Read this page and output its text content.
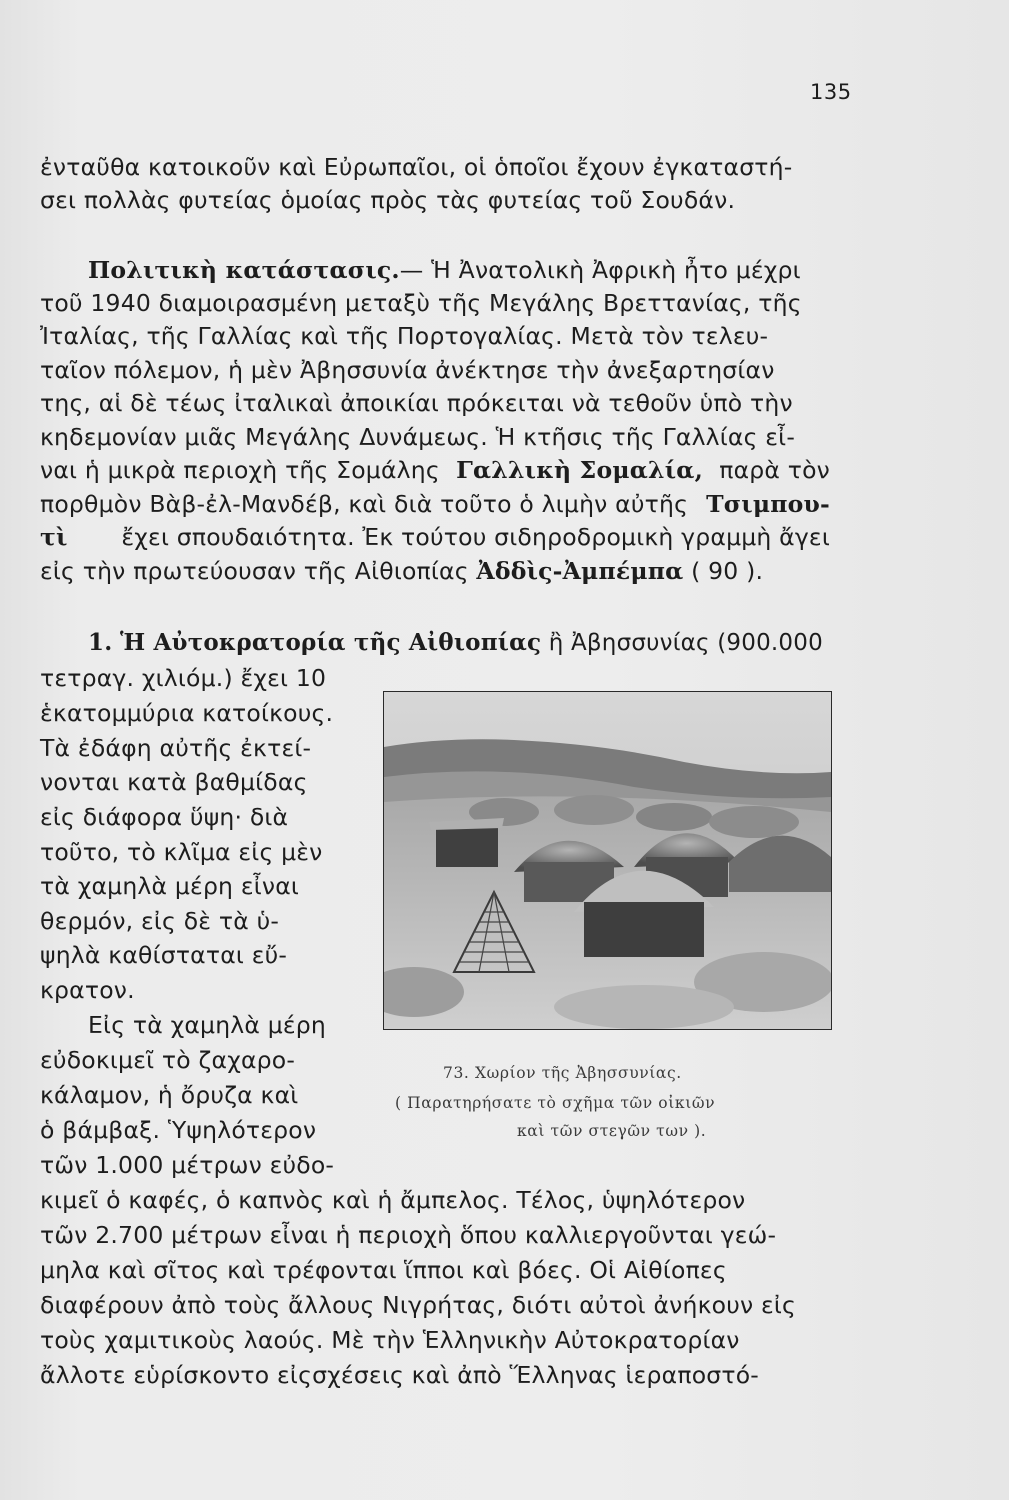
135
ἐνταῦθα κατοικοῦν καὶ Εὐρωπαῖοι, οἱ ὁποῖοι ἔχουν ἐγκαταστή-
σει πολλὰς φυτείας ὁμοίας πρὸς τὰς φυτείας τοῦ Σουδάν.
Πολιτικὴ κατάστασις.— Ἡ Ἀνατολικὴ Ἀφρικὴ ἦτο μέχρι
τοῦ 1940 διαμοιρασμένη μεταξὺ τῆς Μεγάλης Βρεττανίας, τῆς
Ἰταλίας, τῆς Γαλλίας καὶ τῆς Πορτογαλίας. Μετὰ τὸν τελευ-
ταῖον πόλεμον, ἡ μὲν Ἀβησσυνία ἀνέκτησε τὴν ἀνεξαρτησίαν
της, αἱ δὲ τέως ἰταλικαὶ ἀποικίαι πρόκειται νὰ τεθοῦν ὑπὸ τὴν
κηδεμονίαν μιᾶς Μεγάλης Δυνάμεως. Ἡ κτῆσις τῆς Γαλλίας εἶ-
ναι ἡ μικρὰ περιοχὴ τῆς Σομάλης Γαλλικὴ Σομαλία, παρὰ τὸν
πορθμὸν Βὰβ-ἐλ-Μανδέβ, καὶ διὰ τοῦτο ὁ λιμὴν αὐτῆς Τσιμπου-
τὶ ἔχει σπουδαιότητα. Ἐκ τούτου σιδηροδρομικὴ γραμμὴ ἄγει
εἰς τὴν πρωτεύουσαν τῆς Αἰθιοπίας Ἀδδὶς-Ἀμπέμπα ( 90 ).
1. Ἡ Αὐτοκρατορία τῆς Αἰθιοπίας ἢ Ἀβησσυνίας (900.000
τετραγ. χιλιόμ.) ἔχει 10
ἑκατομμύρια κατοίκους.
Τὰ ἐδάφη αὐτῆς ἐκτεί-
νονται κατὰ βαθμίδας
εἰς διάφορα ὕψη· διὰ
τοῦτο, τὸ κλῖμα εἰς μὲν
τὰ χαμηλὰ μέρη εἶναι
θερμόν, εἰς δὲ τὰ ὑ-
ψηλὰ καθίσταται εὔ-
κρατον.
Εἰς τὰ χαμηλὰ μέρη
εὐδοκιμεῖ τὸ ζαχαρο-
κάλαμον, ἡ ὄρυζα καὶ
ὁ βάμβαξ. Ὑψηλότερον
τῶν 1.000 μέτρων εὐδο-
73. Χωρίον τῆς Ἀβησσυνίας.
( Παρατηρήσατε τὸ σχῆμα τῶν οἰκιῶν
καὶ τῶν στεγῶν των ).
κιμεῖ ὁ καφές, ὁ καπνὸς καὶ ἡ ἄμπελος. Τέλος, ὑψηλότερον
τῶν 2.700 μέτρων εἶναι ἡ περιοχὴ ὅπου καλλιεργοῦνται γεώ-
μηλα καὶ σῖτος καὶ τρέφονται ἵπποι καὶ βόες. Οἱ Αἰθίοπες
διαφέρουν ἀπὸ τοὺς ἄλλους Νιγρήτας, διότι αὐτοὶ ἀνήκουν εἰς
τοὺς χαμιτικοὺς λαούς. Μὲ τὴν Ἑλληνικὴν Αὐτοκρατορίαν
ἄλλοτε εὑρίσκοντο εἰςσχέσεις καὶ ἀπὸ Ἕλληνας ἱεραποστό-
